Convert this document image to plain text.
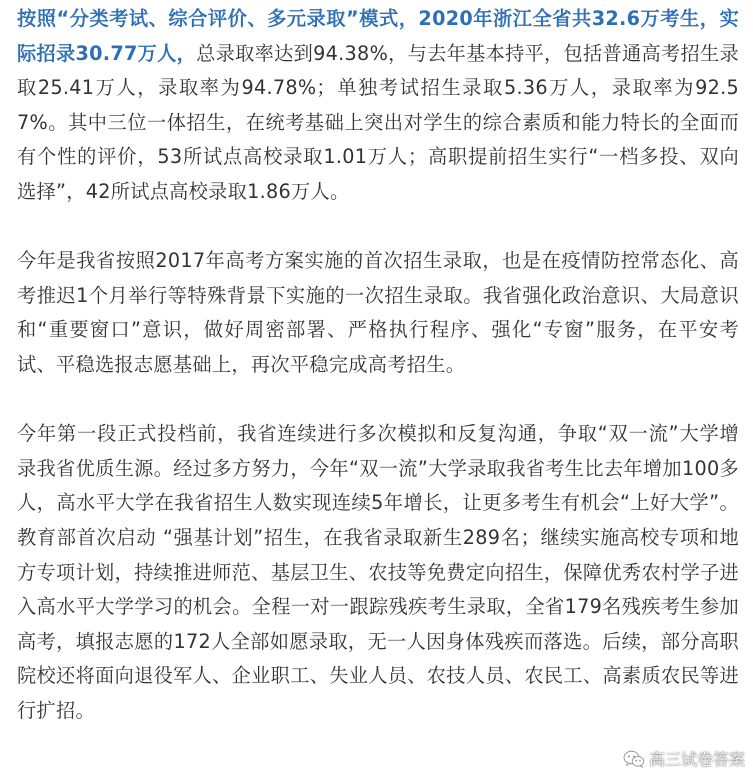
按照“分类考试、综合评价、多元录取”模式，2020年浙江全省共32.6万考生，实际招录30.77万人，总录取率达到94.38%，与去年基本持平，包括普通高考招生录取25.41万人，录取率为94.78%；单独考试招生录取5.36万人，录取率为92.57%。其中三位一体招生，在统考基础上突出对学生的综合素质和能力特长的全面而有个性的评价，53所试点高校录取1.01万人；高职提前招生实行“一档多投、双向选择”，42所试点高校录取1.86万人。

今年是我省按照2017年高考方案实施的首次招生录取，也是在疫情防控常态化、高考推迟1个月举行等特殊背景下实施的一次招生录取。我省强化政治意识、大局意识和“重要窗口”意识，做好周密部署、严格执行程序、强化“专窗”服务，在平安考试、平稳选报志愿基础上，再次平稳完成高考招生。

今年第一段正式投档前，我省连续进行多次模拟和反复沟通，争取“双一流”大学增录我省优质生源。经过多方努力，今年“双一流”大学录取我省考生比去年增加100多人，高水平大学在我省招生人数实现连续5年增长，让更多考生有机会“上好大学”。教育部首次启动 “强基计划”招生，在我省录取新生289名；继续实施高校专项和地方专项计划，持续推进师范、基层卫生、农技等免费定向招生，保障优秀农村学子进入高水平大学学习的机会。全程一对一跟踪残疾考生录取，全省179名残疾考生参加高考，填报志愿的172人全部如愿录取，无一人因身体残疾而落选。后续，部分高职院校还将面向退役军人、企业职工、失业人员、农技人员、农民工、高素质农民等进行扩招。

高三试卷答案
